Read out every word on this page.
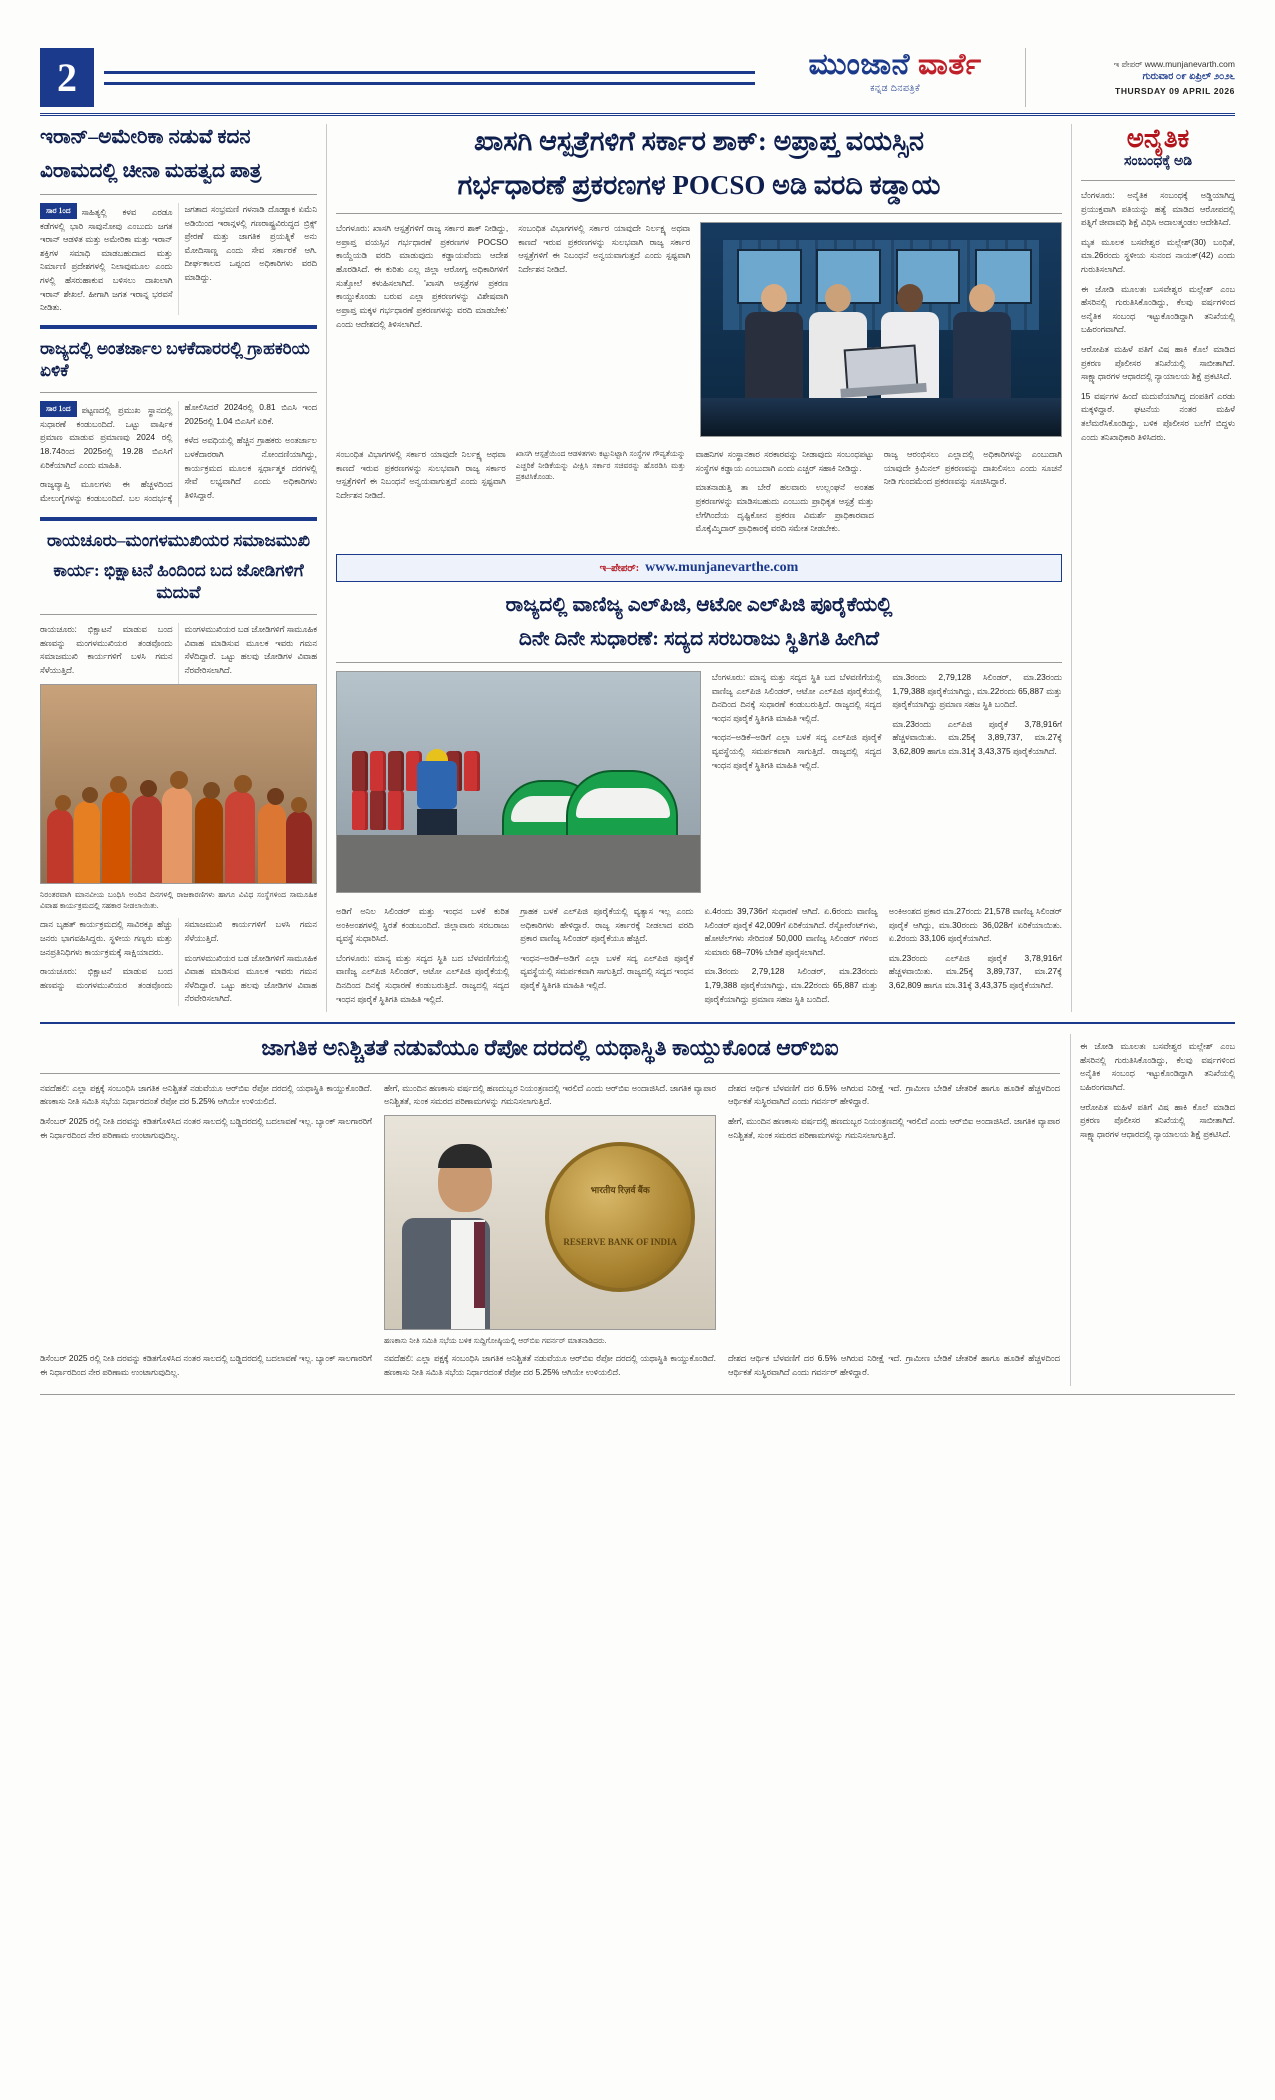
2	ಮುಂಜಾನೆ ವಾರ್ತೆ
ಕನ್ನಡ ದಿನಪತ್ರಿಕೆ
ಇ ಪೇಪರ್ www.munjanevarth.com
ಗುರುವಾರ ೦೯ ಏಪ್ರಿಲ್ ೨೦೨೬
THURSDAY 09 APRIL 2026
ಇರಾನ್–ಅಮೇರಿಕಾ ನಡುವೆ ಕದನ
ವಿರಾಮದಲ್ಲಿ ಚೀನಾ ಮಹತ್ವದ ಪಾತ್ರ

ಸಾರ 1ಂದ ಸಾಹಿತ್ಯಲ್ಲಿ ಕಳವ ಎರಡೂ ಕಡೆಗಳಲ್ಲಿ ಭಾರಿ ಸಾವುನೋವು ಎಂಬುದು ಜಗತ ಇರಾನ್ ಆಡಳಿತ ಮತ್ತು ಅಮೇರಿಕಾ ಮತ್ತು ಇರಾನ್ ಶಕ್ತಿಗಳ ಸಮಾಧಿ ಮಾಡಬಹುದಾದ ಮತ್ತು ನಿರ್ಮಾಣಿ ಪ್ರದೇಶಗಳಲ್ಲಿ ನಿಲಾವುಮೂಲ ಎಂದು ಗಳಲ್ಲಿ ಹೆಸರುಹಾಕುವ ಬಳಿಸಲು ದಾಖಲಾಗಿ ಇರಾನ್ ಶೇಖಲೆ. ಹೀಗಾಗಿ ಜಗತ ಇರಾನ್ನ ಭರವಸೆ ನೀಡಿತು.

ಜಗತಾದ ಸಂಭ್ರಮಣಿ ಗಳನಾಡಿ ದೊಡ್ಡಾಾಕ ಏಮೆನಿ ಅಡಿಯಿಂದ ಇರಾನ್ಗಳಲ್ಲಿ ಗಣರಾಷ್ಟ್ರವಿರುದ್ಧದ ಬ್ರಿಕ್ಸ್ ಪ್ರೇರಣೆ ಮತ್ತು ಜಾಗತಿಕ ಪ್ರಯತ್ನಿಕೆ ಅನು ಮೋದಿಸಾಣ್ಣ ಎಂದು ಸೇವ ಸರ್ಕಾರಕೆ ಆಗಿ. ದೀರ್ಘಕಾಲದ ಒಪ್ಪಂದ ಅಧಿಕಾರಿಗಳು ವರದಿ ಮಾಡಿದ್ದು.

ರಾಜ್ಯದಲ್ಲಿ ಅಂತರ್ಜಾಲ ಬಳಕೆದಾರರಲ್ಲಿ ಗ್ರಾಹಕರಿಯ ಏಳಿಕೆ

ಸಾರ 1ಂದ ಪಟ್ಟಣದಲ್ಲಿ ಪ್ರಮುಖ ಸ್ಥಾನದಲ್ಲಿ ಸುಧಾರಣೆ ಕಂಡುಬಂದಿದೆ. ಒಟ್ಟು ವಾರ್ಷಿಕ ಪ್ರಮಾಣ ಮಾಡುವ ಪ್ರಮಾಣವು 2024 ರಲ್ಲಿ 18.74ರಿಂದ 2025ರಲ್ಲಿ 19.28 ಬಿಎಸಿಗೆ ಏರಿಕೆಯಾಗಿದೆ ಎಂದು ಮಾಹಿತಿ.

ರಾಜ್ಯವ್ಯಾಪ್ತಿ ಮೂಲಗಳು ಈ ಹೆಚ್ಚಳದಿಂದ ಮೇಲುಗೈಗಳನ್ನು ಕಂಡುಬಂದಿದೆ. ಬಲ ಸಂದರ್ಭಕ್ಕೆ ಹೋಲಿಸಿದರೆ 2024ರಲ್ಲಿ 0.81 ಬಿಎಸಿ ಇಂದ 2025ರಲ್ಲಿ 1.04 ಬಿಎಸಿಗೆ ಏರಿಕೆ.

ಕಳೆದ ಅವಧಿಯಲ್ಲಿ ಹೆಚ್ಚಿನ ಗ್ರಾಹಕರು ಅಂತರ್ಜಾಲ ಬಳಕೆದಾರರಾಗಿ ನೋಂದಣಿಯಾಗಿದ್ದು, ಕಾರ್ಯಕ್ರಮದ ಮೂಲಕ ಸ್ಪರ್ಧಾತ್ಮಕ ದರಗಳಲ್ಲಿ ಸೇವೆ ಲಭ್ಯವಾಗಿದೆ ಎಂದು ಅಧಿಕಾರಿಗಳು ತಿಳಿಸಿದ್ದಾರೆ.

ರಾಯಚೂರು–ಮಂಗಳಮುಖಿಯರ ಸಮಾಜಮುಖಿ
ಕಾರ್ಯ: ಭಿಕ್ಷಾಟನೆ ಹಿಂದಿಂದ ಬದ ಜೋಡಿಗಳಿಗೆ ಮದುವೆ

ರಾಯಚೂರು: ಭಿಕ್ಷಾಟನೆ ಮಾಡುವ ಬಂದ ಹಣವನ್ನು ಮಂಗಳಮುಖಿಯರ ತಂಡವೊಂದು ಸಮಾಜಮುಖಿ ಕಾರ್ಯಗಳಿಗೆ ಬಳಸಿ ಗಮನ ಸೆಳೆಯುತ್ತಿದೆ.

ಮಂಗಳಮುಖಿಯರ ಬಡ ಜೋಡಿಗಳಿಗೆ ಸಾಮೂಹಿಕ ವಿವಾಹ ಮಾಡಿಸುವ ಮೂಲಕ ಇವರು ಗಮನ ಸೆಳೆದಿದ್ದಾರೆ. ಒಟ್ಟು ಹಲವು ಜೋಡಿಗಳ ವಿವಾಹ ನೆರವೇರಿಸಲಾಗಿದೆ.

ನಿರಂತರವಾಗಿ ಮಾನವೀಯ ಬಂಧಿಸಿ ಅಂದಿನ ದಿನಗಳಲ್ಲಿ ರಾಜಕಾರಣಿಗಳು ಹಾಗೂ ವಿವಿಧ ಸಂಸ್ಥೆಗಳಿಂದ ಸಾಮೂಹಿಕ ವಿವಾಹ ಕಾರ್ಯಕ್ರಮದಲ್ಲಿ ಸಹಕಾರ ನೀಡಲಾಯಿತು.

ದಾನ ಬೃಹತ್ ಕಾರ್ಯಕ್ರಮದಲ್ಲಿ ಸಾವಿರಕ್ಕೂ ಹೆಚ್ಚು ಜನರು ಭಾಗವಹಿಸಿದ್ದರು. ಸ್ಥಳೀಯ ಗಣ್ಯರು ಮತ್ತು ಜನಪ್ರತಿನಿಧಿಗಳು ಕಾರ್ಯಕ್ರಮಕ್ಕೆ ಸಾಕ್ಷಿಯಾದರು.

ರಾಯಚೂರು: ಭಿಕ್ಷಾಟನೆ ಮಾಡುವ ಬಂದ ಹಣವನ್ನು ಮಂಗಳಮುಖಿಯರ ತಂಡವೊಂದು ಸಮಾಜಮುಖಿ ಕಾರ್ಯಗಳಿಗೆ ಬಳಸಿ ಗಮನ ಸೆಳೆಯುತ್ತಿದೆ.

ಮಂಗಳಮುಖಿಯರ ಬಡ ಜೋಡಿಗಳಿಗೆ ಸಾಮೂಹಿಕ ವಿವಾಹ ಮಾಡಿಸುವ ಮೂಲಕ ಇವರು ಗಮನ ಸೆಳೆದಿದ್ದಾರೆ. ಒಟ್ಟು ಹಲವು ಜೋಡಿಗಳ ವಿವಾಹ ನೆರವೇರಿಸಲಾಗಿದೆ.

ಖಾಸಗಿ ಆಸ್ಪತ್ರೆಗಳಿಗೆ ಸರ್ಕಾರ ಶಾಕ್: ಅಪ್ರಾಪ್ತ ವಯಸ್ಸಿನ
ಗರ್ಭಧಾರಣೆ ಪ್ರಕರಣಗಳ POCSO ಅಡಿ ವರದಿ ಕಡ್ಡಾಯ

ಬೆಂಗಳೂರು: ಖಾಸಗಿ ಆಸ್ಪತ್ರೆಗಳಿಗೆ ರಾಜ್ಯ ಸರ್ಕಾರ ಶಾಕ್ ನೀಡಿದ್ದು, ಅಪ್ರಾಪ್ತ ವಯಸ್ಸಿನ ಗರ್ಭಧಾರಣೆ ಪ್ರಕರಣಗಳ POCSO ಕಾಯ್ದೆಯಡಿ ವರದಿ ಮಾಡುವುದು ಕಡ್ಡಾಯವೆಂದು ಆದೇಶ ಹೊರಡಿಸಿದೆ. ಈ ಕುರಿತು ಎಲ್ಲ ಜಿಲ್ಲಾ ಆರೋಗ್ಯ ಅಧಿಕಾರಿಗಳಿಗೆ ಸುತ್ತೋಲೆ ಕಳುಹಿಸಲಾಗಿದೆ. 'ಖಾಸಗಿ ಆಸ್ಪತ್ರೆಗಳ ಪ್ರಕರಣ ಕಾಯ್ದುಕೊಂಡು ಬರುವ ಎಲ್ಲಾ ಪ್ರಕರಣಗಳನ್ನು ವಿಶೇಷವಾಗಿ ಅಪ್ರಾಪ್ತ ಮಕ್ಕಳ ಗರ್ಭಧಾರಣೆ ಪ್ರಕರಣಗಳನ್ನು ವರದಿ ಮಾಡಬೇಕು' ಎಂದು ಆದೇಶದಲ್ಲಿ ತಿಳಿಸಲಾಗಿದೆ.

ಸಂಬಂಧಿತ ವಿಭಾಗಗಳಲ್ಲಿ ಸರ್ಕಾರ ಯಾವುದೇ ನಿರ್ಲಕ್ಷ್ಯ ಅಥವಾ ಕಾಣದೆ ಇರುವ ಪ್ರಕರಣಗಳನ್ನು ಸುಲಭವಾಗಿ ರಾಜ್ಯ ಸರ್ಕಾರ ಆಸ್ಪತ್ರೆಗಳಿಗೆ ಈ ನಿಬಂಧನೆ ಅನ್ವಯವಾಗುತ್ತದೆ ಎಂದು ಸ್ಪಷ್ಟವಾಗಿ ನಿರ್ದೇಶನ ನೀಡಿದೆ.

ಸಂಬಂಧಿತ ವಿಭಾಗಗಳಲ್ಲಿ ಸರ್ಕಾರ ಯಾವುದೇ ನಿರ್ಲಕ್ಷ್ಯ ಅಥವಾ ಕಾಣದೆ ಇರುವ ಪ್ರಕರಣಗಳನ್ನು ಸುಲಭವಾಗಿ ರಾಜ್ಯ ಸರ್ಕಾರ ಆಸ್ಪತ್ರೆಗಳಿಗೆ ಈ ನಿಬಂಧನೆ ಅನ್ವಯವಾಗುತ್ತದೆ ಎಂದು ಸ್ಪಷ್ಟವಾಗಿ ನಿರ್ದೇಶನ ನೀಡಿದೆ.

ಖಾಸಗಿ ಆಸ್ಪತ್ರೆಯಿಂದ ಆಡಳಿತಗಳು ಕಟ್ಟುನಿಟ್ಟಾಗಿ ಸಂಸ್ಥೆಗಳ ಗೌಪ್ಯತೆಯನ್ನು ಎಚ್ಚರಿಕೆ ನೀಡಿಕೆಯನ್ನು ವೀಕ್ಷಿಸಿ ಸರ್ಕಾರ ಸಚಿವರನ್ನು ಹೊರಡಿಸಿ ಮತ್ತು ಪ್ರಕಟಿಸಿಕೊಂಡು.

ವಾಹನಿಗಳ ಸಂಸ್ಥಾನಕಾರ ಸರಕಾರವನ್ನು ನೀಡಾವುದು ಸಂಬಂಧಪಟ್ಟು ಸಂಸ್ಥೆಗಳ ಕಡ್ಡಾಯ ಎಂಬುದಾಗಿ ಎಂದು ಎಚ್ಚರ್ ಸಹಾಕಿ ನೀಡಿದ್ದು.

ಮಾತನಾಡುತ್ತಿ ತಾ ಬೇರೆ ಹಲವಾರು ಉಲ್ಲಂಘನೆ ಅಂತಹ ಪ್ರಕರಣಗಳನ್ನು ಮಾಡಿಸಬಹುದು ಎಂಬುದು ಪ್ರಾಧಿಕೃತ ಆಸ್ಪತ್ರೆ ಮತ್ತು ಲೆಗೆಗಿಂದೆಯ ದೃಷ್ಟಿಕೋನ ಪ್ರಕರಣ ವಿಮರ್ಶೆ ಪ್ರಾಧಿಕಾರವಾದ ಮೊಕ್ಕೆಮ್ಮಿದಾರ್ ಪ್ರಾಧಿಕಾರಕ್ಕೆ ವರದಿ ಸಮೇತ ನೀಡಬೇಕು.

ರಾಜ್ಯ ಆರಂಭಿಸಲು ಎಲ್ಲಾದಲ್ಲಿ ಅಧಿಕಾರಿಗಳನ್ನು ಎಂಬುದಾಗಿ ಯಾವುದೇ ಕ್ರಿಮಿನಲ್ ಪ್ರಕರಣವನ್ನು ದಾಖಲಿಸಲು ಎಂದು ಸೂಚನೆ ನೀಡಿ ಗುಂದಮೆಂದ ಪ್ರಕರಣವನ್ನು ಸೂಚಿಸಿದ್ದಾರೆ.

ಇ–ಪೇಪರ್: www.munjanevarthe.com
ರಾಜ್ಯದಲ್ಲಿ ವಾಣಿಜ್ಯ ಎಲ್‌ಪಿಜಿ, ಆಟೋ ಎಲ್‌ಪಿಜಿ ಪೂರೈಕೆಯಲ್ಲಿ
ದಿನೇ ದಿನೇ ಸುಧಾರಣೆ: ಸದ್ಯದ ಸರಬರಾಜು ಸ್ಥಿತಿಗತಿ ಹೀಗಿದೆ

ಬೆಂಗಳೂರು: ಮಾನ್ಯ ಮತ್ತು ಸದ್ಯದ ಸ್ಥಿತಿ ಬದ ಬೆಳವಣಿಗೆಯಲ್ಲಿ ವಾಣಿಜ್ಯ ಎಲ್‌ಪಿಜಿ ಸಿಲಿಂಡರ್, ಆಟೋ ಎಲ್‌ಪಿಜಿ ಪೂರೈಕೆಯಲ್ಲಿ ದಿನದಿಂದ ದಿನಕ್ಕೆ ಸುಧಾರಣೆ ಕಂಡುಬರುತ್ತಿದೆ. ರಾಜ್ಯದಲ್ಲಿ ಸದ್ಯದ ಇಂಧನ ಪೂರೈಕೆ ಸ್ಥಿತಿಗತಿ ಮಾಹಿತಿ ಇಲ್ಲಿದೆ.

ಇಂಧನ–ಅಡಿಕೆ–ಅಡಿಗೆ ಎಲ್ಲಾ ಬಳಕೆ ಸದ್ಯ ಎಲ್‌ಪಿಜಿ ಪೂರೈಕೆ ವ್ಯವಸ್ಥೆಯಲ್ಲಿ ಸಮರ್ಪಕವಾಗಿ ಸಾಗುತ್ತಿದೆ. ರಾಜ್ಯದಲ್ಲಿ ಸದ್ಯದ ಇಂಧನ ಪೂರೈಕೆ ಸ್ಥಿತಿಗತಿ ಮಾಹಿತಿ ಇಲ್ಲಿದೆ.

ಮಾ.3ರಂದು 2,79,128 ಸಿಲಿಂಡರ್, ಮಾ.23ರಂದು 1,79,388 ಪೂರೈಕೆಯಾಗಿದ್ದು, ಮಾ.22ರಂದು 65,887 ಮತ್ತು ಪೂರೈಕೆಯಾಗಿದ್ದು ಪ್ರಮಾಣ ಸಹಜ ಸ್ಥಿತಿ ಬಂದಿದೆ.

ಮಾ.23ರಂದು ಎಲ್‌ಪಿಜಿ ಪೂರೈಕೆ 3,78,916ಗೆ ಹೆಚ್ಚಳವಾಯಿತು. ಮಾ.25ಕ್ಕೆ 3,89,737, ಮಾ.27ಕ್ಕೆ 3,62,809 ಹಾಗೂ ಮಾ.31ಕ್ಕೆ 3,43,375 ಪೂರೈಕೆಯಾಗಿದೆ.

ಅಡಿಗೆ ಅನಿಲ ಸಿಲಿಂಡರ್ ಮತ್ತು ಇಂಧನ ಬಳಕೆ ಕುರಿತ ಅಂಕಿಅಂಶಗಳಲ್ಲಿ ಸ್ಥಿರತೆ ಕಂಡುಬಂದಿದೆ. ಜಿಲ್ಲಾವಾರು ಸರಬರಾಜು ವ್ಯವಸ್ಥೆ ಸುಧಾರಿಸಿದೆ.

ಬೆಂಗಳೂರು: ಮಾನ್ಯ ಮತ್ತು ಸದ್ಯದ ಸ್ಥಿತಿ ಬದ ಬೆಳವಣಿಗೆಯಲ್ಲಿ ವಾಣಿಜ್ಯ ಎಲ್‌ಪಿಜಿ ಸಿಲಿಂಡರ್, ಆಟೋ ಎಲ್‌ಪಿಜಿ ಪೂರೈಕೆಯಲ್ಲಿ ದಿನದಿಂದ ದಿನಕ್ಕೆ ಸುಧಾರಣೆ ಕಂಡುಬರುತ್ತಿದೆ. ರಾಜ್ಯದಲ್ಲಿ ಸದ್ಯದ ಇಂಧನ ಪೂರೈಕೆ ಸ್ಥಿತಿಗತಿ ಮಾಹಿತಿ ಇಲ್ಲಿದೆ.

ಗ್ರಾಹಕ ಬಳಕೆ ಎಲ್‌ಪಿಜಿ ಪೂರೈಕೆಯಲ್ಲಿ ವ್ಯತ್ಯಾಸ ಇಲ್ಲ ಎಂದು ಅಧಿಕಾರಿಗಳು ಹೇಳಿದ್ದಾರೆ. ರಾಜ್ಯ ಸರ್ಕಾರಕ್ಕೆ ನೀಡಲಾದ ವರದಿ ಪ್ರಕಾರ ವಾಣಿಜ್ಯ ಸಿಲಿಂಡರ್ ಪೂರೈಕೆಯೂ ಹೆಚ್ಚಿದೆ.

ಇಂಧನ–ಅಡಿಕೆ–ಅಡಿಗೆ ಎಲ್ಲಾ ಬಳಕೆ ಸದ್ಯ ಎಲ್‌ಪಿಜಿ ಪೂರೈಕೆ ವ್ಯವಸ್ಥೆಯಲ್ಲಿ ಸಮರ್ಪಕವಾಗಿ ಸಾಗುತ್ತಿದೆ. ರಾಜ್ಯದಲ್ಲಿ ಸದ್ಯದ ಇಂಧನ ಪೂರೈಕೆ ಸ್ಥಿತಿಗತಿ ಮಾಹಿತಿ ಇಲ್ಲಿದೆ.

ಏ.4ರಂದು 39,736ಗೆ ಸುಧಾರಣೆ ಆಗಿದೆ. ಏ.6ರಂದು ವಾಣಿಜ್ಯ ಸಿಲಿಂಡರ್ ಪೂರೈಕೆ 42,009ಗೆ ಏರಿಕೆಯಾಗಿದೆ. ರೆಸ್ಟೋರೆಂಟ್‌ಗಳು, ಹೋಟೆಲ್‌ಗಳು ಸೇರಿದಂತೆ 50,000 ವಾಣಿಜ್ಯ ಸಿಲಿಂಡರ್ ಗಳಿಂದ ಸುಮಾರು 68–70% ಬೇಡಿಕೆ ಪೂರೈಸಲಾಗಿದೆ.

ಮಾ.3ರಂದು 2,79,128 ಸಿಲಿಂಡರ್, ಮಾ.23ರಂದು 1,79,388 ಪೂರೈಕೆಯಾಗಿದ್ದು, ಮಾ.22ರಂದು 65,887 ಮತ್ತು ಪೂರೈಕೆಯಾಗಿದ್ದು ಪ್ರಮಾಣ ಸಹಜ ಸ್ಥಿತಿ ಬಂದಿದೆ.

ಅಂಕಿಅಂಶದ ಪ್ರಕಾರ ಮಾ.27ರಂದು 21,578 ವಾಣಿಜ್ಯ ಸಿಲಿಂಡರ್ ಪೂರೈಕೆ ಆಗಿದ್ದು, ಮಾ.30ರಂದು 36,028ಗೆ ಏರಿಕೆಯಾಯಿತು. ಏ.2ರಂದು 33,106 ಪೂರೈಕೆಯಾಗಿದೆ.

ಮಾ.23ರಂದು ಎಲ್‌ಪಿಜಿ ಪೂರೈಕೆ 3,78,916ಗೆ ಹೆಚ್ಚಳವಾಯಿತು. ಮಾ.25ಕ್ಕೆ 3,89,737, ಮಾ.27ಕ್ಕೆ 3,62,809 ಹಾಗೂ ಮಾ.31ಕ್ಕೆ 3,43,375 ಪೂರೈಕೆಯಾಗಿದೆ.

ಅನೈತಿಕ
ಸಂಬಂಧಕ್ಕೆ ಅಡಿ

ಬೆಂಗಳೂರು: ಅನೈತಿಕ ಸಂಬಂಧಕ್ಕೆ ಅಡ್ಡಿಯಾಗಿದ್ದ ಪ್ರಯುಕ್ತವಾಗಿ ಪತಿಯನ್ನು ಹತ್ಯೆ ಮಾಡಿದ ಆರೋಪದಲ್ಲಿ ಪತ್ನಿಗೆ ಜೀವಾವಧಿ ಶಿಕ್ಷೆ ವಿಧಿಸಿ ಅದಾಲತ್ಮಂಡಲ ಆದೇಶಿಸಿದೆ.

ಮೃತ ಮೂಲಕ ಬಸವೇಶ್ವರ ಮಲ್ಲೇಶ್(30) ಬಂಧಿತೆ, ಮಾ.26ರಂದು ಸ್ಥಳೀಯ ಸುನಂದ ನಾಯಕ್(42) ಎಂದು ಗುರುತಿಸಲಾಗಿದೆ.

ಈ ಜೋಡಿ ಮೂಲತಃ ಬಸವೇಶ್ವರ ಮಲ್ಲೇಶ್ ಎಂಬ ಹೆಸರಿನಲ್ಲಿ ಗುರುತಿಸಿಕೊಂಡಿದ್ದು, ಕೆಲವು ವರ್ಷಗಳಿಂದ ಅನೈತಿಕ ಸಂಬಂಧ ಇಟ್ಟುಕೊಂಡಿದ್ದಾಗಿ ತನಿಖೆಯಲ್ಲಿ ಬಹಿರಂಗವಾಗಿದೆ.

ಆರೋಪಿತ ಮಹಿಳೆ ಪತಿಗೆ ವಿಷ ಹಾಕಿ ಕೊಲೆ ಮಾಡಿದ ಪ್ರಕರಣ ಪೊಲೀಸರ ತನಿಖೆಯಲ್ಲಿ ಸಾಬೀತಾಗಿದೆ. ಸಾಕ್ಷ್ಯಾಧಾರಗಳ ಆಧಾರದಲ್ಲಿ ನ್ಯಾಯಾಲಯ ಶಿಕ್ಷೆ ಪ್ರಕಟಿಸಿದೆ.

15 ವರ್ಷಗಳ ಹಿಂದೆ ಮದುವೆಯಾಗಿದ್ದ ದಂಪತಿಗೆ ಎರಡು ಮಕ್ಕಳಿದ್ದಾರೆ. ಘಟನೆಯ ನಂತರ ಮಹಿಳೆ ತಲೆಮರೆಸಿಕೊಂಡಿದ್ದು, ಬಳಿಕ ಪೊಲೀಸರ ಬಲೆಗೆ ಬಿದ್ದಳು ಎಂದು ತನಿಖಾಧಿಕಾರಿ ತಿಳಿಸಿದರು.

ಜಾಗತಿಕ ಅನಿಶ್ಚಿತತೆ ನಡುವೆಯೂ ರೆಪೋ ದರದಲ್ಲಿ ಯಥಾಸ್ಥಿತಿ ಕಾಯ್ದುಕೊಂಡ ಆರ್‌ಬಿಐ

ನವದೆಹಲಿ: ಎಲ್ಲಾ ಪಕ್ಷಕ್ಕೆ ಸಂಬಂಧಿಸಿ ಜಾಗತಿಕ ಅನಿಶ್ಚಿತತೆ ನಡುವೆಯೂ ಆರ್‌ಬಿಐ ರೆಪೋ ದರದಲ್ಲಿ ಯಥಾಸ್ಥಿತಿ ಕಾಯ್ದುಕೊಂಡಿದೆ. ಹಣಕಾಸು ನೀತಿ ಸಮಿತಿ ಸಭೆಯ ನಿರ್ಧಾರದಂತೆ ರೆಪೋ ದರ 5.25% ಆಗಿಯೇ ಉಳಿಯಲಿದೆ.

ಡಿಸೆಂಬರ್ 2025 ರಲ್ಲಿ ನೀತಿ ದರವನ್ನು ಕಡಿತಗೊಳಿಸಿದ ನಂತರ ಸಾಲದಲ್ಲಿ ಬಡ್ಡಿದರದಲ್ಲಿ ಬದಲಾವಣೆ ಇಲ್ಲ. ಬ್ಯಾಂಕ್ ಸಾಲಗಾರರಿಗೆ ಈ ನಿರ್ಧಾರದಿಂದ ನೇರ ಪರಿಣಾಮ ಉಂಟಾಗುವುದಿಲ್ಲ.

ಹೇಗೆ, ಮುಂದಿನ ಹಣಕಾಸು ವರ್ಷದಲ್ಲಿ ಹಣದುಬ್ಬರ ನಿಯಂತ್ರಣದಲ್ಲಿ ಇರಲಿದೆ ಎಂದು ಆರ್‌ಬಿಐ ಅಂದಾಜಿಸಿದೆ. ಜಾಗತಿಕ ವ್ಯಾಪಾರ ಅನಿಶ್ಚಿತತೆ, ಸುಂಕ ಸಮರದ ಪರಿಣಾಮಗಳನ್ನು ಗಮನಿಸಲಾಗುತ್ತಿದೆ.

भारतीय रिज़र्व बैंक
RESERVE BANK OF INDIA
ಹಣಕಾಸು ನೀತಿ ಸಮಿತಿ ಸಭೆಯ ಬಳಿಕ ಸುದ್ದಿಗೋಷ್ಠಿಯಲ್ಲಿ ಆರ್‌ಬಿಐ ಗವರ್ನರ್ ಮಾತನಾಡಿದರು.

ದೇಶದ ಆರ್ಥಿಕ ಬೆಳವಣಿಗೆ ದರ 6.5% ಆಗಿರುವ ನಿರೀಕ್ಷೆ ಇದೆ. ಗ್ರಾಮೀಣ ಬೇಡಿಕೆ ಚೇತರಿಕೆ ಹಾಗೂ ಹೂಡಿಕೆ ಹೆಚ್ಚಳದಿಂದ ಆರ್ಥಿಕತೆ ಸುಸ್ಥಿರವಾಗಿದೆ ಎಂದು ಗವರ್ನರ್ ಹೇಳಿದ್ದಾರೆ.

ಹೇಗೆ, ಮುಂದಿನ ಹಣಕಾಸು ವರ್ಷದಲ್ಲಿ ಹಣದುಬ್ಬರ ನಿಯಂತ್ರಣದಲ್ಲಿ ಇರಲಿದೆ ಎಂದು ಆರ್‌ಬಿಐ ಅಂದಾಜಿಸಿದೆ. ಜಾಗತಿಕ ವ್ಯಾಪಾರ ಅನಿಶ್ಚಿತತೆ, ಸುಂಕ ಸಮರದ ಪರಿಣಾಮಗಳನ್ನು ಗಮನಿಸಲಾಗುತ್ತಿದೆ.

ಡಿಸೆಂಬರ್ 2025 ರಲ್ಲಿ ನೀತಿ ದರವನ್ನು ಕಡಿತಗೊಳಿಸಿದ ನಂತರ ಸಾಲದಲ್ಲಿ ಬಡ್ಡಿದರದಲ್ಲಿ ಬದಲಾವಣೆ ಇಲ್ಲ. ಬ್ಯಾಂಕ್ ಸಾಲಗಾರರಿಗೆ ಈ ನಿರ್ಧಾರದಿಂದ ನೇರ ಪರಿಣಾಮ ಉಂಟಾಗುವುದಿಲ್ಲ.

ನವದೆಹಲಿ: ಎಲ್ಲಾ ಪಕ್ಷಕ್ಕೆ ಸಂಬಂಧಿಸಿ ಜಾಗತಿಕ ಅನಿಶ್ಚಿತತೆ ನಡುವೆಯೂ ಆರ್‌ಬಿಐ ರೆಪೋ ದರದಲ್ಲಿ ಯಥಾಸ್ಥಿತಿ ಕಾಯ್ದುಕೊಂಡಿದೆ. ಹಣಕಾಸು ನೀತಿ ಸಮಿತಿ ಸಭೆಯ ನಿರ್ಧಾರದಂತೆ ರೆಪೋ ದರ 5.25% ಆಗಿಯೇ ಉಳಿಯಲಿದೆ.

ದೇಶದ ಆರ್ಥಿಕ ಬೆಳವಣಿಗೆ ದರ 6.5% ಆಗಿರುವ ನಿರೀಕ್ಷೆ ಇದೆ. ಗ್ರಾಮೀಣ ಬೇಡಿಕೆ ಚೇತರಿಕೆ ಹಾಗೂ ಹೂಡಿಕೆ ಹೆಚ್ಚಳದಿಂದ ಆರ್ಥಿಕತೆ ಸುಸ್ಥಿರವಾಗಿದೆ ಎಂದು ಗವರ್ನರ್ ಹೇಳಿದ್ದಾರೆ.

ಈ ಜೋಡಿ ಮೂಲತಃ ಬಸವೇಶ್ವರ ಮಲ್ಲೇಶ್ ಎಂಬ ಹೆಸರಿನಲ್ಲಿ ಗುರುತಿಸಿಕೊಂಡಿದ್ದು, ಕೆಲವು ವರ್ಷಗಳಿಂದ ಅನೈತಿಕ ಸಂಬಂಧ ಇಟ್ಟುಕೊಂಡಿದ್ದಾಗಿ ತನಿಖೆಯಲ್ಲಿ ಬಹಿರಂಗವಾಗಿದೆ.

ಆರೋಪಿತ ಮಹಿಳೆ ಪತಿಗೆ ವಿಷ ಹಾಕಿ ಕೊಲೆ ಮಾಡಿದ ಪ್ರಕರಣ ಪೊಲೀಸರ ತನಿಖೆಯಲ್ಲಿ ಸಾಬೀತಾಗಿದೆ. ಸಾಕ್ಷ್ಯಾಧಾರಗಳ ಆಧಾರದಲ್ಲಿ ನ್ಯಾಯಾಲಯ ಶಿಕ್ಷೆ ಪ್ರಕಟಿಸಿದೆ.
